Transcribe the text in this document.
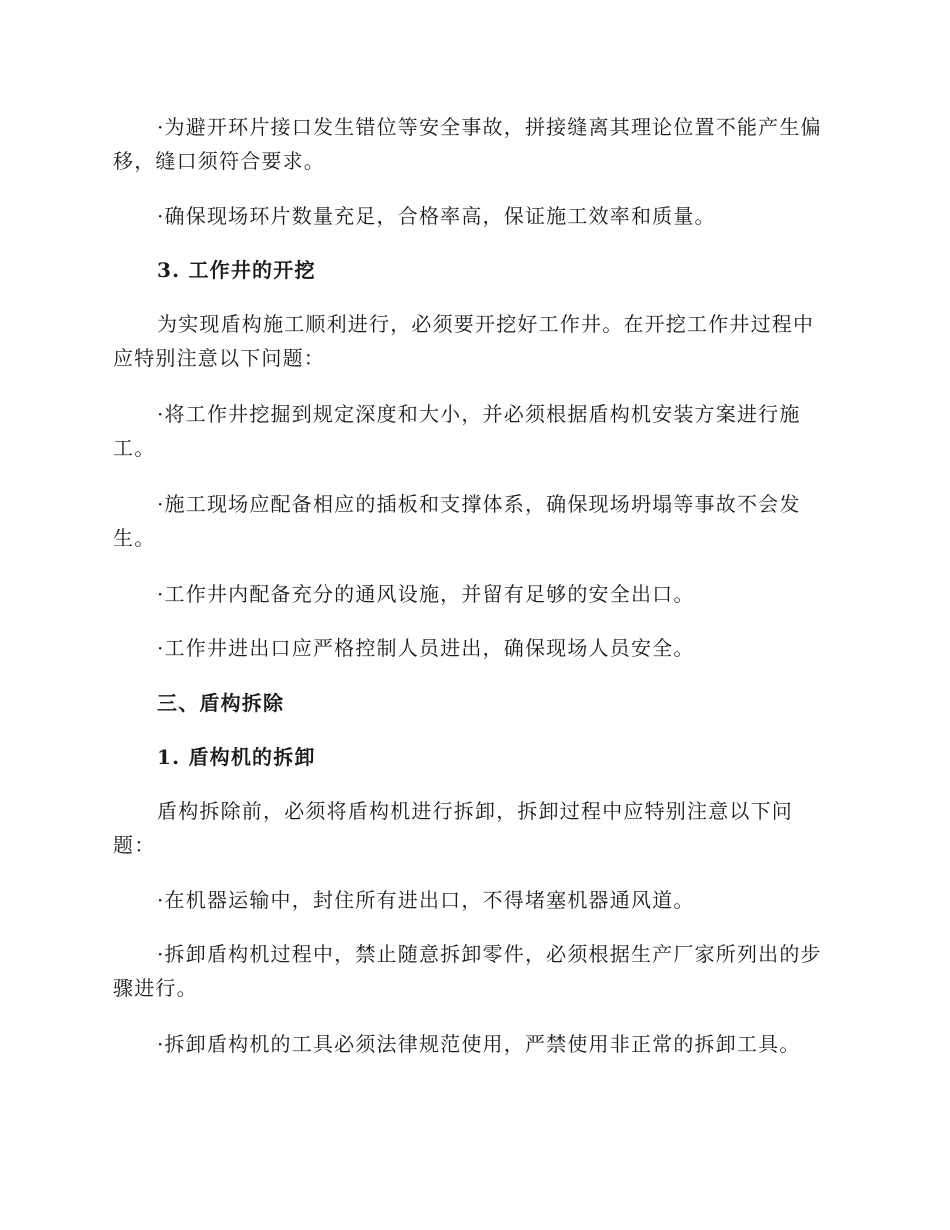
·为避开环片接口发生错位等安全事故，拼接缝离其理论位置不能产生偏移，缝口须符合要求。

·确保现场环片数量充足，合格率高，保证施工效率和质量。

3. 工作井的开挖

为实现盾构施工顺利进行，必须要开挖好工作井。在开挖工作井过程中应特别注意以下问题：

·将工作井挖掘到规定深度和大小，并必须根据盾构机安装方案进行施工。

·施工现场应配备相应的插板和支撑体系，确保现场坍塌等事故不会发生。

·工作井内配备充分的通风设施，并留有足够的安全出口。

·工作井进出口应严格控制人员进出，确保现场人员安全。

三、盾构拆除

1. 盾构机的拆卸

盾构拆除前，必须将盾构机进行拆卸，拆卸过程中应特别注意以下问题：

·在机器运输中，封住所有进出口，不得堵塞机器通风道。

·拆卸盾构机过程中，禁止随意拆卸零件，必须根据生产厂家所列出的步骤进行。

·拆卸盾构机的工具必须法律规范使用，严禁使用非正常的拆卸工具。
